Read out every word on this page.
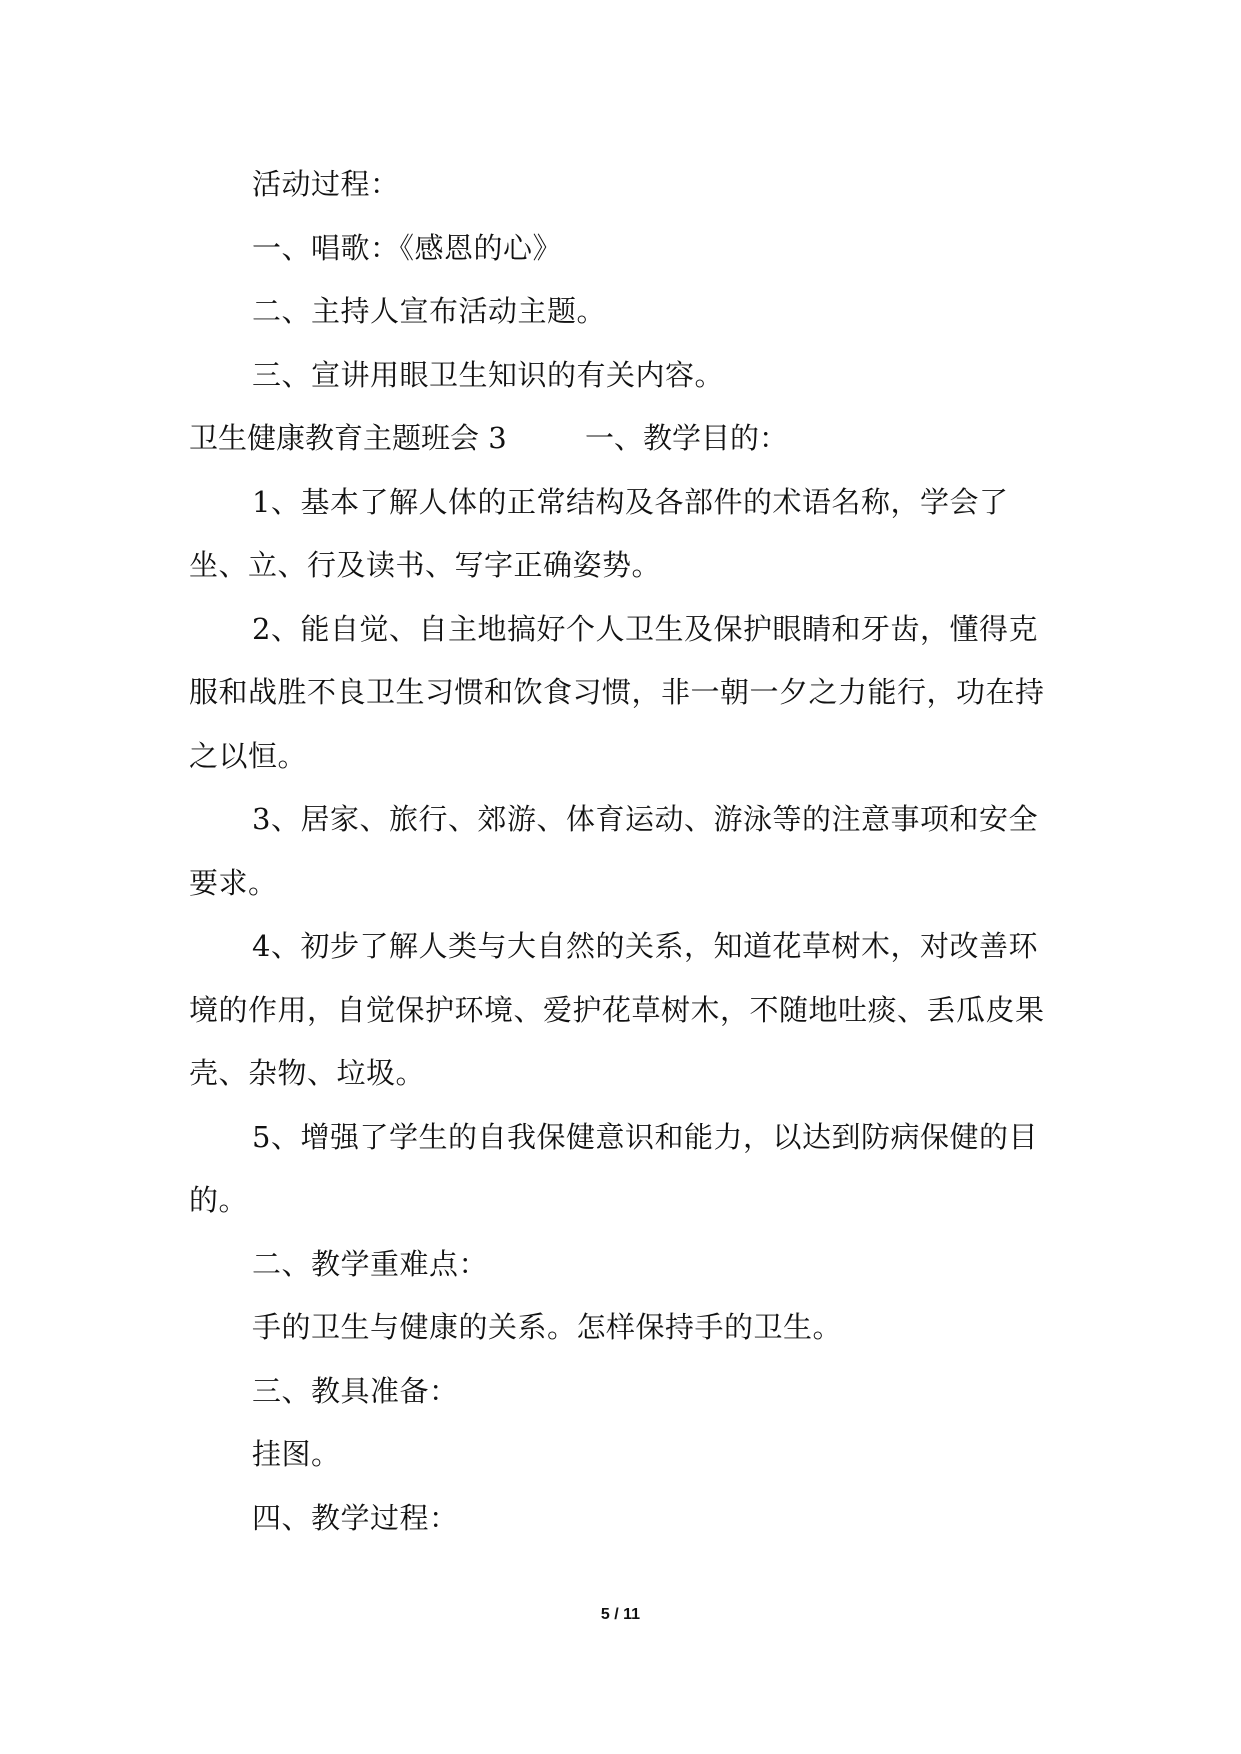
活动过程：

一、唱歌：《感恩的心》

二、主持人宣布活动主题。

三、宣讲用眼卫生知识的有关内容。

卫生健康教育主题班会 3	一、教学目的：

1、基本了解人体的正常结构及各部件的术语名称，学会了坐、立、行及读书、写字正确姿势。

2、能自觉、自主地搞好个人卫生及保护眼睛和牙齿，懂得克服和战胜不良卫生习惯和饮食习惯，非一朝一夕之力能行，功在持之以恒。

3、居家、旅行、郊游、体育运动、游泳等的注意事项和安全要求。

4、初步了解人类与大自然的关系，知道花草树木，对改善环境的作用，自觉保护环境、爱护花草树木，不随地吐痰、丢瓜皮果壳、杂物、垃圾。

5、增强了学生的自我保健意识和能力，以达到防病保健的目的。

二、教学重难点：

手的卫生与健康的关系。怎样保持手的卫生。

三、教具准备：

挂图。

四、教学过程：

5 / 11
